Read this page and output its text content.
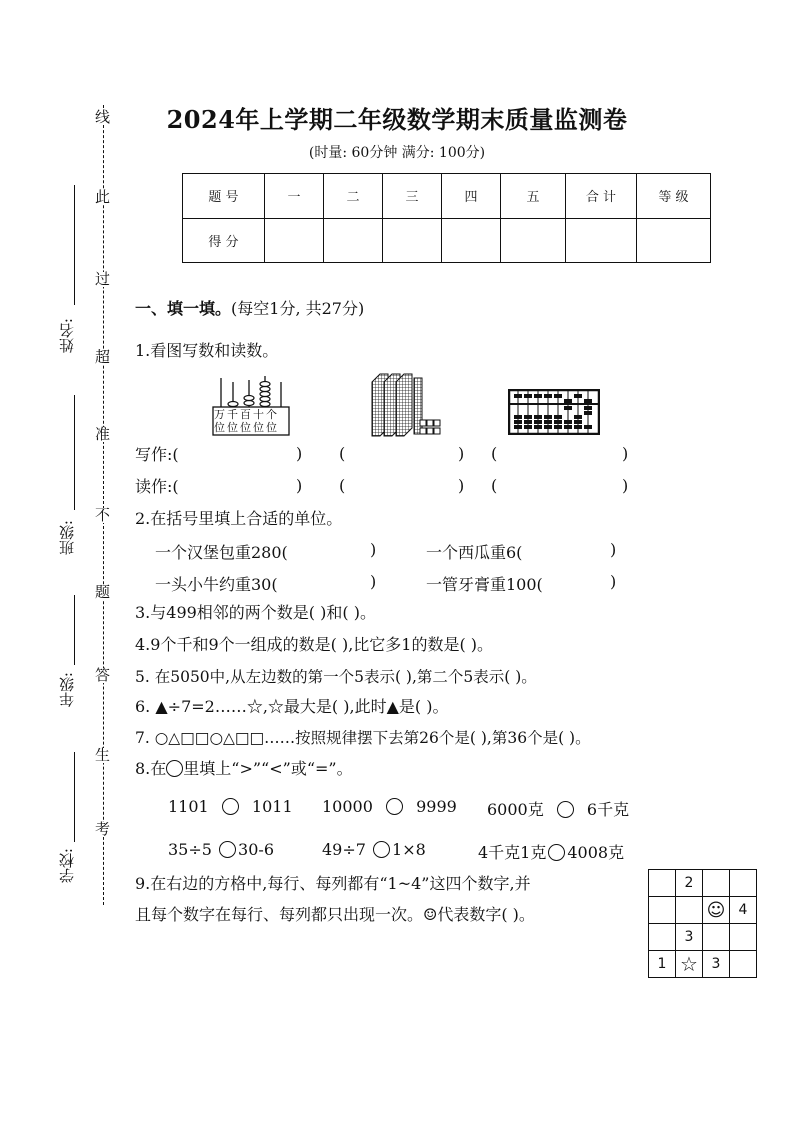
线
此
过
超
准
不
题
答
生
考
姓名:
班级:
年级:
学校:
2024年上学期二年级数学期末质量监测卷
(时量: 60分钟 满分: 100分)
题 号	一	二	三	四	五	合 计	等 级
得 分							
一、填一填。(每空1分, 共27分)
1.看图写数和读数。
万千百十个
位位位位位
写作:(	) (	) (	)
读作:(	) (	) (	)
2.在括号里填上合适的单位。
一个汉堡包重280(	)	一个西瓜重6(	)
一头小牛约重30(	)	一管牙膏重100(	)
3.与499相邻的两个数是( )和( )。
4.9个千和9个一组成的数是( ),比它多1的数是( )。
5. 在5050中,从左边数的第一个5表示( ),第二个5表示( )。
6. ▲÷7=2……☆,☆最大是( ),此时▲是( )。
7. ○△□□○△□□……按照规律摆下去第26个是( ),第36个是( )。
8.在 里填上“>”“<”或“=”。
1101	1011 10000	9999 6000克	6千克
35÷5 30-6	49÷7 1×8	4千克1克 4008克
9.在右边的方格中,每行、每列都有“1~4”这四个数字,并
且每个数字在每行、每列都只出现一次。☺代表数字( )。
	2		
		☺	4
	3		
1	☆	3	
